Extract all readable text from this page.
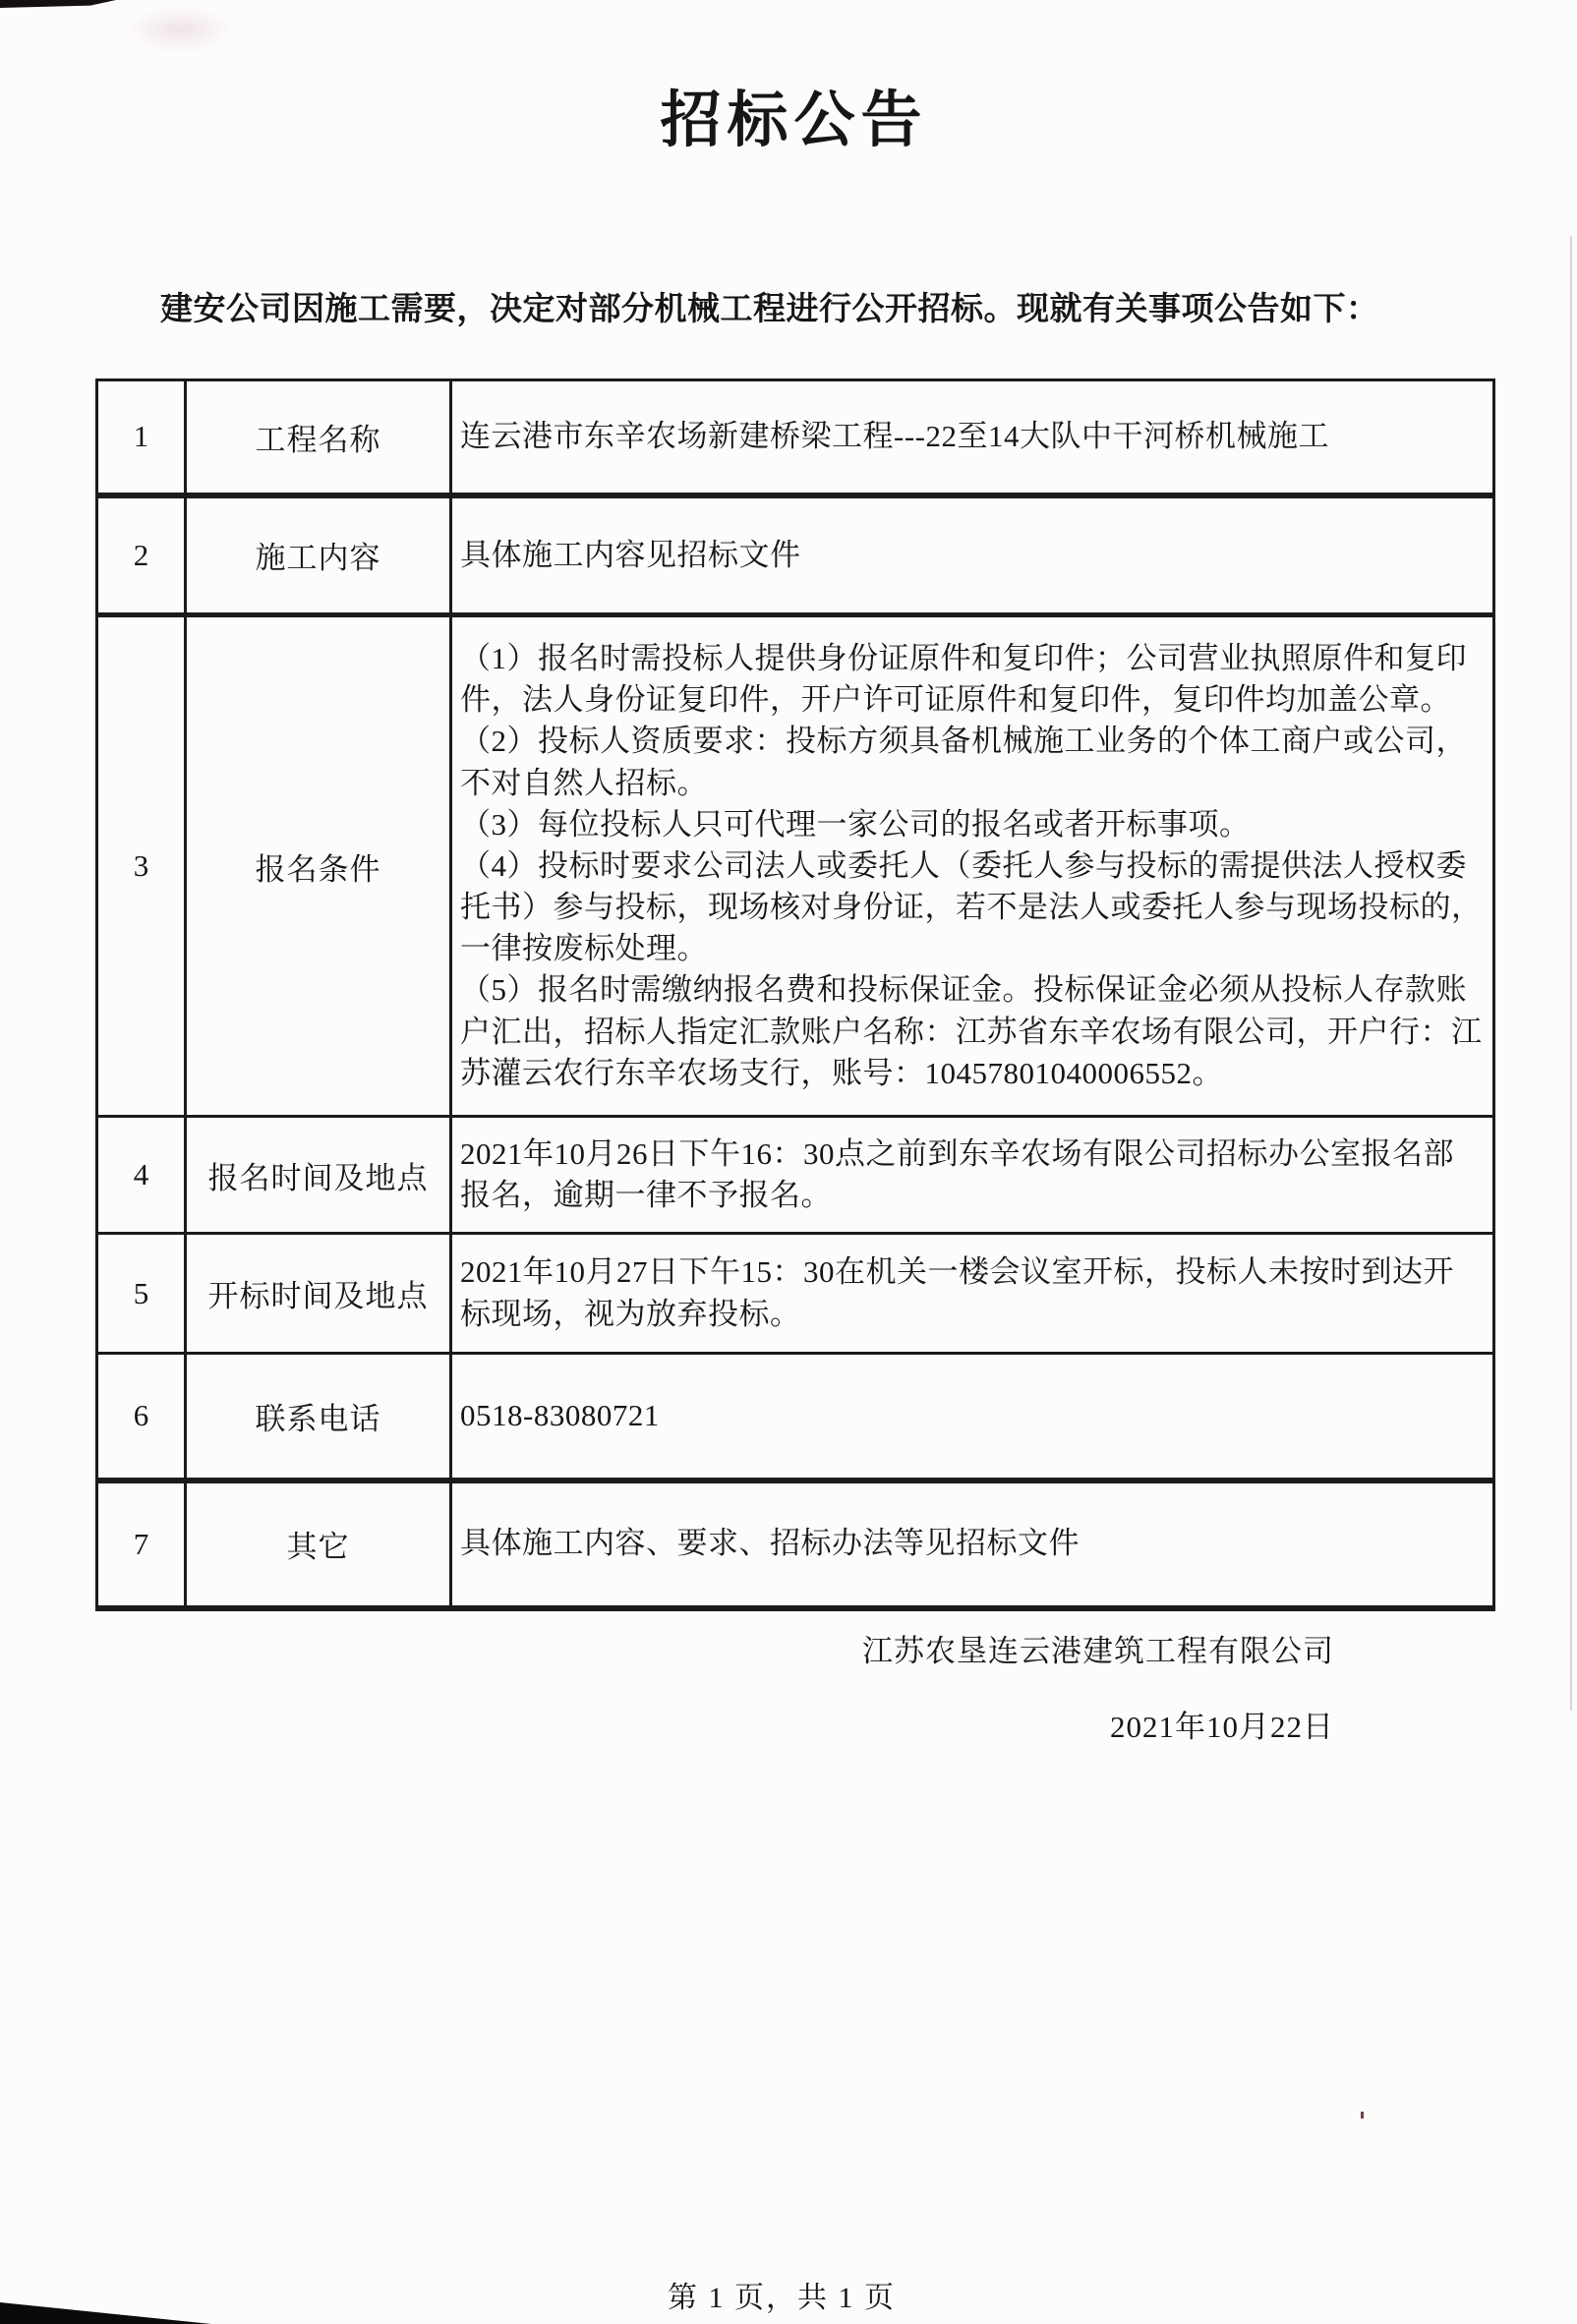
招标公告

建安公司因施工需要，决定对部分机械工程进行公开招标。现就有关事项公告如下：

1	工程名称	连云港市东辛农场新建桥梁工程---22至14大队中干河桥机械施工

2	施工内容	具体施工内容见招标文件

3	报名条件	（1）报名时需投标人提供身份证原件和复印件；公司营业执照原件和复印件，法人身份证复印件，开户许可证原件和复印件，复印件均加盖公章。

（2）投标人资质要求：投标方须具备机械施工业务的个体工商户或公司，不对自然人招标。

（3）每位投标人只可代理一家公司的报名或者开标事项。

（4）投标时要求公司法人或委托人（委托人参与投标的需提供法人授权委托书）参与投标，现场核对身份证，若不是法人或委托人参与现场投标的，一律按废标处理。

（5）报名时需缴纳报名费和投标保证金。投标保证金必须从投标人存款账户汇出，招标人指定汇款账户名称：江苏省东辛农场有限公司，开户行：江苏灌云农行东辛农场支行，账号：10457801040006552。

4	报名时间及地点	2021年10月26日下午16：30点之前到东辛农场有限公司招标办公室报名部报名，逾期一律不予报名。

5	开标时间及地点	2021年10月27日下午15：30在机关一楼会议室开标，投标人未按时到达开标现场，视为放弃投标。

6	联系电话	0518-83080721

7	其它	具体施工内容、要求、招标办法等见招标文件

江苏农垦连云港建筑工程有限公司
2021年10月22日
第 1 页，共 1 页
